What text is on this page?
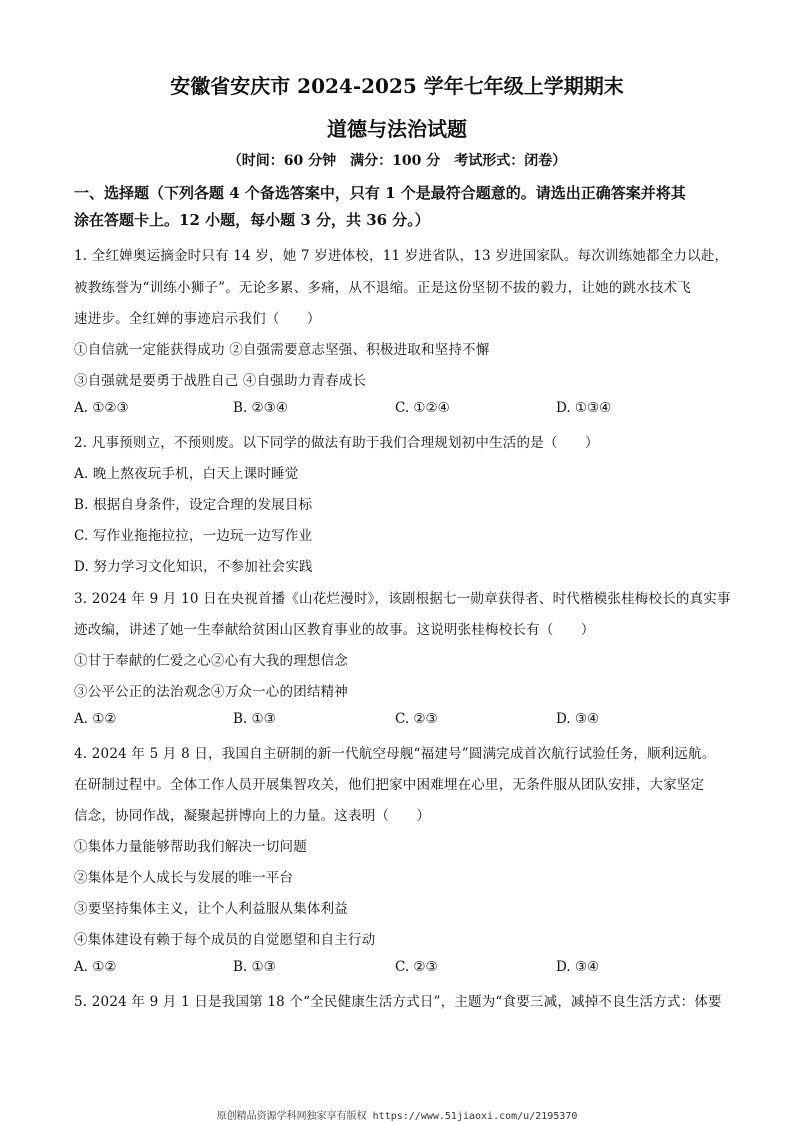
安徽省安庆市 2024-2025 学年七年级上学期期末
道德与法治试题
（时间：60 分钟　满分：100 分　考试形式：闭卷）
一、选择题（下列各题 4 个备选答案中，只有 1 个是最符合题意的。请选出正确答案并将其
涂在答题卡上。12 小题，每小题 3 分，共 36 分。）
1. 全红婵奥运摘金时只有 14 岁，她 7 岁进体校，11 岁进省队，13 岁进国家队。每次训练她都全力以赴，
被教练誉为“训练小狮子”。无论多累、多痛，从不退缩。正是这份坚韧不拔的毅力，让她的跳水技术飞
速进步。全红婵的事迹启示我们（　　）
①自信就一定能获得成功 ②自强需要意志坚强、积极进取和坚持不懈
③自强就是要勇于战胜自己 ④自强助力青春成长
A. ①②③	B. ②③④	C. ①②④	D. ①③④
2. 凡事预则立，不预则废。以下同学的做法有助于我们合理规划初中生活的是（　　）
A. 晚上熬夜玩手机，白天上课时睡觉
B. 根据自身条件，设定合理的发展目标
C. 写作业拖拖拉拉，一边玩一边写作业
D. 努力学习文化知识，不参加社会实践
3. 2024 年 9 月 10 日在央视首播《山花烂漫时》，该剧根据七一勋章获得者、时代楷模张桂梅校长的真实事
迹改编，讲述了她一生奉献给贫困山区教育事业的故事。这说明张桂梅校长有（　　）
①甘于奉献的仁爱之心②心有大我的理想信念
③公平公正的法治观念④万众一心的团结精神
A. ①②	B. ①③	C. ②③	D. ③④
4. 2024 年 5 月 8 日，我国自主研制的新一代航空母舰“福建号”圆满完成首次航行试验任务，顺利远航。
在研制过程中。全体工作人员开展集智攻关，他们把家中困难埋在心里，无条件服从团队安排，大家坚定
信念，协同作战，凝聚起拼博向上的力量。这表明（　　）
①集体力量能够帮助我们解决一切问题
②集体是个人成长与发展的唯一平台
③要坚持集体主义，让个人利益服从集体利益
④集体建设有赖于每个成员的自觉愿望和自主行动
A. ①②	B. ①③	C. ②③	D. ③④
5. 2024 年 9 月 1 日是我国第 18 个“全民健康生活方式日”，主题为“食要三减，减掉不良生活方式：体要
原创精品资源学科网独家享有版权 https://www.51jiaoxi.com/u/2195370
